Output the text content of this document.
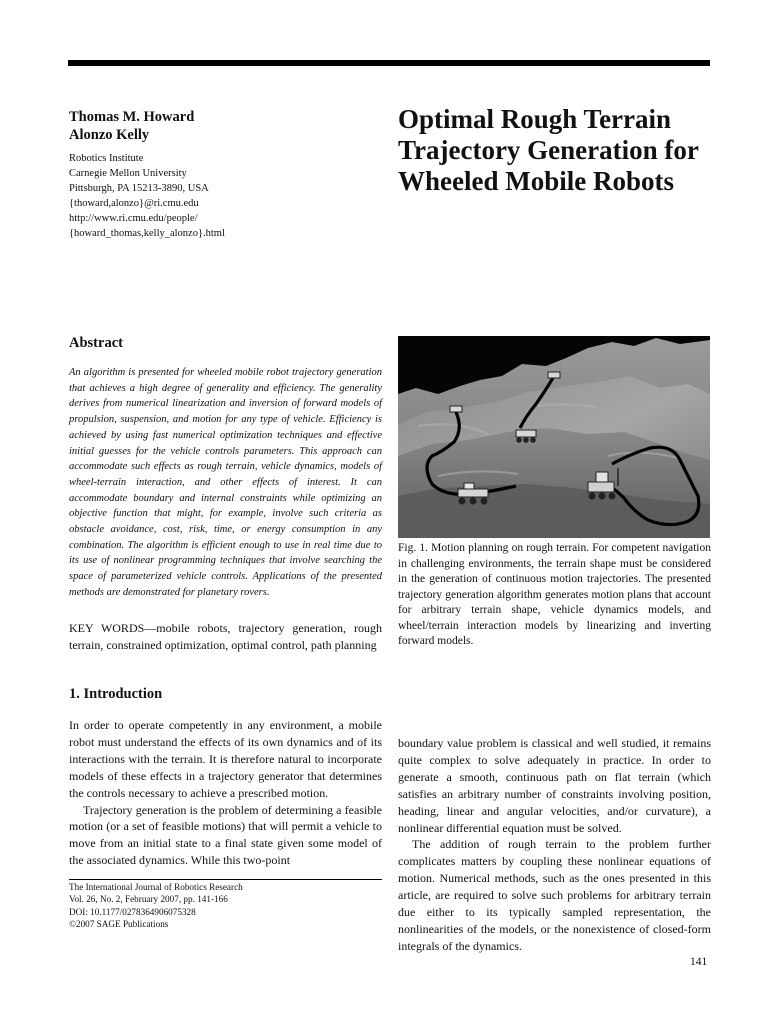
Thomas M. Howard
Alonzo Kelly
Robotics Institute
Carnegie Mellon University
Pittsburgh, PA 15213-3890, USA
{thoward,alonzo}@ri.cmu.edu
http://www.ri.cmu.edu/people/
{howard_thomas,kelly_alonzo}.html
Optimal Rough Terrain Trajectory Generation for Wheeled Mobile Robots
Abstract

An algorithm is presented for wheeled mobile robot trajectory generation that achieves a high degree of generality and efficiency. The generality derives from numerical linearization and inversion of forward models of propulsion, suspension, and motion for any type of vehicle. Efficiency is achieved by using fast numerical optimization techniques and effective initial guesses for the vehicle controls parameters. This approach can accommodate such effects as rough terrain, vehicle dynamics, models of wheel-terrain interaction, and other effects of interest. It can accommodate boundary and internal constraints while optimizing an objective function that might, for example, involve such criteria as obstacle avoidance, cost, risk, time, or energy consumption in any combination. The algorithm is efficient enough to use in real time due to its use of nonlinear programming techniques that involve searching the space of parameterized vehicle controls. Applications of the presented methods are demonstrated for planetary rovers.

KEY WORDS—mobile robots, trajectory generation, rough terrain, constrained optimization, optimal control, path planning

Fig. 1. Motion planning on rough terrain. For competent navigation in challenging environments, the terrain shape must be considered in the generation of continuous motion trajectories. The presented trajectory generation algorithm generates motion plans that account for arbitrary terrain shape, vehicle dynamics models, and wheel/terrain interaction models by linearizing and inverting forward models.

1. Introduction

In order to operate competently in any environment, a mobile robot must understand the effects of its own dynamics and of its interactions with the terrain. It is therefore natural to incorporate models of these effects in a trajectory generator that determines the controls necessary to achieve a prescribed motion.

Trajectory generation is the problem of determining a feasible motion (or a set of feasible motions) that will permit a vehicle to move from an initial state to a final state given some model of the associated dynamics. While this two-point

The International Journal of Robotics Research
Vol. 26, No. 2, February 2007, pp. 141-166
DOI: 10.1177/0278364906075328
©2007 SAGE Publications

boundary value problem is classical and well studied, it remains quite complex to solve adequately in practice. In order to generate a smooth, continuous path on flat terrain (which satisfies an arbitrary number of constraints involving position, heading, linear and angular velocities, and/or curvature), a nonlinear differential equation must be solved.

The addition of rough terrain to the problem further complicates matters by coupling these nonlinear equations of motion. Numerical methods, such as the ones presented in this article, are required to solve such problems for arbitrary terrain due either to its typically sampled representation, the nonlinearities of the models, or the nonexistence of closed-form integrals of the dynamics.

141
